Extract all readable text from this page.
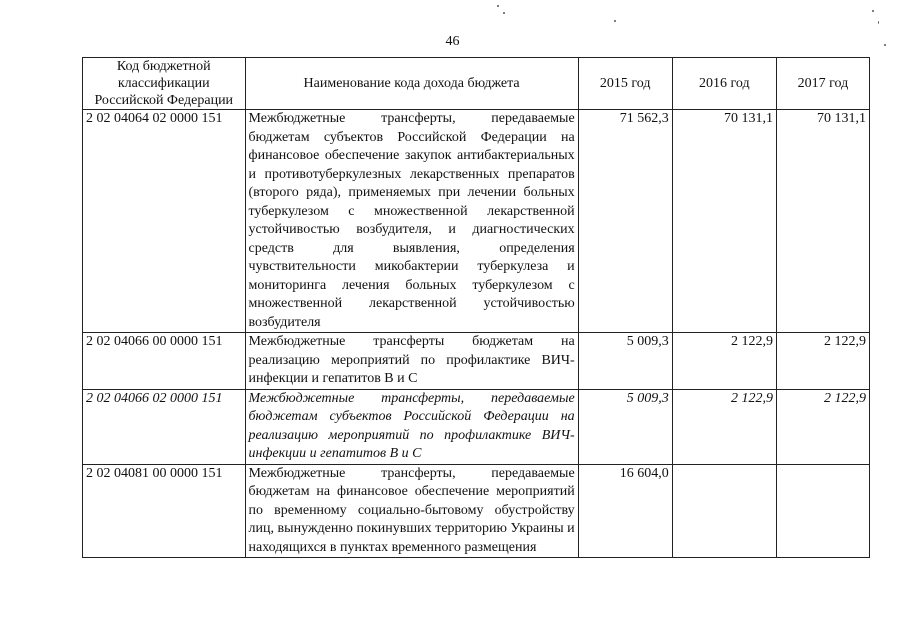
46
Код бюджетной классификации Российской Федерации	Наименование кода дохода бюджета	2015 год	2016 год	2017 год
2 02 04064 02 0000 151	Межбюджетные трансферты, передаваемые бюджетам субъектов Российской Федерации на финансовое обеспечение закупок антибактериальных и противотуберкулезных лекарственных препаратов (второго ряда), применяемых при лечении больных туберкулезом с множественной лекарственной устойчивостью возбудителя, и диагностических средств для выявления, определения чувствительности микобактерии туберкулеза и мониторинга лечения больных туберкулезом с множественной лекарственной устойчивостью возбудителя	71 562,3	70 131,1	70 131,1
2 02 04066 00 0000 151	Межбюджетные трансферты бюджетам на реализацию мероприятий по профилактике ВИЧ-инфекции и гепатитов B и C	5 009,3	2 122,9	2 122,9
2 02 04066 02 0000 151	Межбюджетные трансферты, передаваемые бюджетам субъектов Российской Федерации на реализацию мероприятий по профилактике ВИЧ-инфекции и гепатитов B и C	5 009,3	2 122,9	2 122,9
2 02 04081 00 0000 151	Межбюджетные трансферты, передаваемые бюджетам на финансовое обеспечение мероприятий по временному социально-бытовому обустройству лиц, вынужденно покинувших территорию Украины и находящихся в пунктах временного размещения	16 604,0		
